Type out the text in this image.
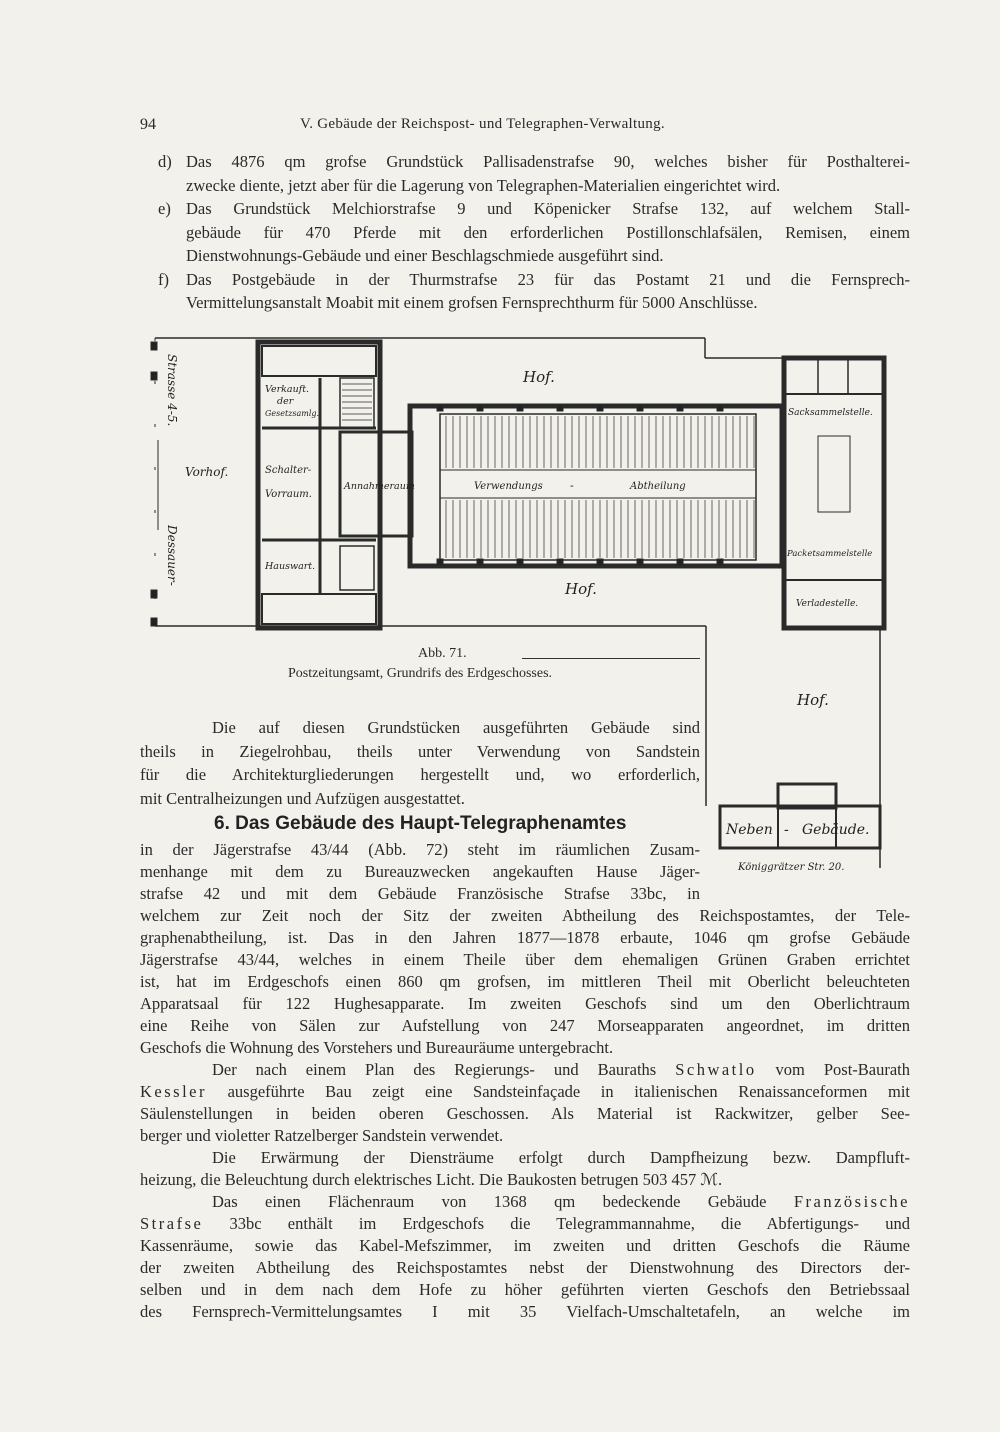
94	V. Gebäude der Reichspost- und Telegraphen-Verwaltung.
d) Das 4876 qm grofse Grundstück Pallisadenstrafse 90, welches bisher für Posthalterei-
zwecke diente, jetzt aber für die Lagerung von Telegraphen-Materialien eingerichtet wird.
e) Das Grundstück Melchiorstrafse 9 und Köpenicker Strafse 132, auf welchem Stall-
gebäude für 470 Pferde mit den erforderlichen Postillonschlafsälen, Remisen, einem
Dienstwohnungs-Gebäude und einer Beschlagschmiede ausgeführt sind.
f) Das Postgebäude in der Thurmstrafse 23 für das Postamt 21 und die Fernsprech-
Vermittelungsanstalt Moabit mit einem grofsen Fernsprechthurm für 5000 Anschlüsse.
Hof.
Hof.
Hof.
Vorhof.
Strasse 4-5.
Dessauer-
Verkauft.
der
Gesetzsamlg.
Schalter-
Vorraum.
Hauswart.
Annahmeraum	Verwendungs -	Abtheilung
Sacksammelstelle.
Packetsammelstelle
Verladestelle.
Neben - Gebäude.
Königgrätzer Str. 20.
Abb. 71.
Postzeitungsamt, Grundrifs des Erdgeschosses.
Die auf diesen Grundstücken ausgeführten Gebäude sind
theils in Ziegelrohbau, theils unter Verwendung von Sandstein
für die Architekturgliederungen hergestellt und, wo erforderlich,
mit Centralheizungen und Aufzügen ausgestattet.
6. Das Gebäude des Haupt-Telegraphenamtes
in der Jägerstrafse 43/44 (Abb. 72) steht im räumlichen Zusam-
menhange mit dem zu Bureauzwecken angekauften Hause Jäger-
strafse 42 und mit dem Gebäude Französische Strafse 33bc, in
welchem zur Zeit noch der Sitz der zweiten Abtheilung des Reichspostamtes, der Tele-
graphenabtheilung, ist. Das in den Jahren 1877—1878 erbaute, 1046 qm grofse Gebäude
Jägerstrafse 43/44, welches in einem Theile über dem ehemaligen Grünen Graben errichtet
ist, hat im Erdgeschofs einen 860 qm grofsen, im mittleren Theil mit Oberlicht beleuchteten
Apparatsaal für 122 Hughesapparate. Im zweiten Geschofs sind um den Oberlichtraum
eine Reihe von Sälen zur Aufstellung von 247 Morseapparaten angeordnet, im dritten
Geschofs die Wohnung des Vorstehers und Bureauräume untergebracht.
Der nach einem Plan des Regierungs- und Bauraths Schwatlo vom Post-Baurath
Kessler ausgeführte Bau zeigt eine Sandsteinfaçade in italienischen Renaissanceformen mit
Säulenstellungen in beiden oberen Geschossen. Als Material ist Rackwitzer, gelber See-
berger und violetter Ratzelberger Sandstein verwendet.
Die Erwärmung der Diensträume erfolgt durch Dampfheizung bezw. Dampfluft-
heizung, die Beleuchtung durch elektrisches Licht. Die Baukosten betrugen 503 457 ℳ.
Das einen Flächenraum von 1368 qm bedeckende Gebäude Französische
Strafse 33bc enthält im Erdgeschofs die Telegrammannahme, die Abfertigungs- und
Kassenräume, sowie das Kabel-Mefszimmer, im zweiten und dritten Geschofs die Räume
der zweiten Abtheilung des Reichspostamtes nebst der Dienstwohnung des Directors der-
selben und in dem nach dem Hofe zu höher geführten vierten Geschofs den Betriebssaal
des Fernsprech-Vermittelungsamtes I mit 35 Vielfach-Umschaltetafeln, an welche im
